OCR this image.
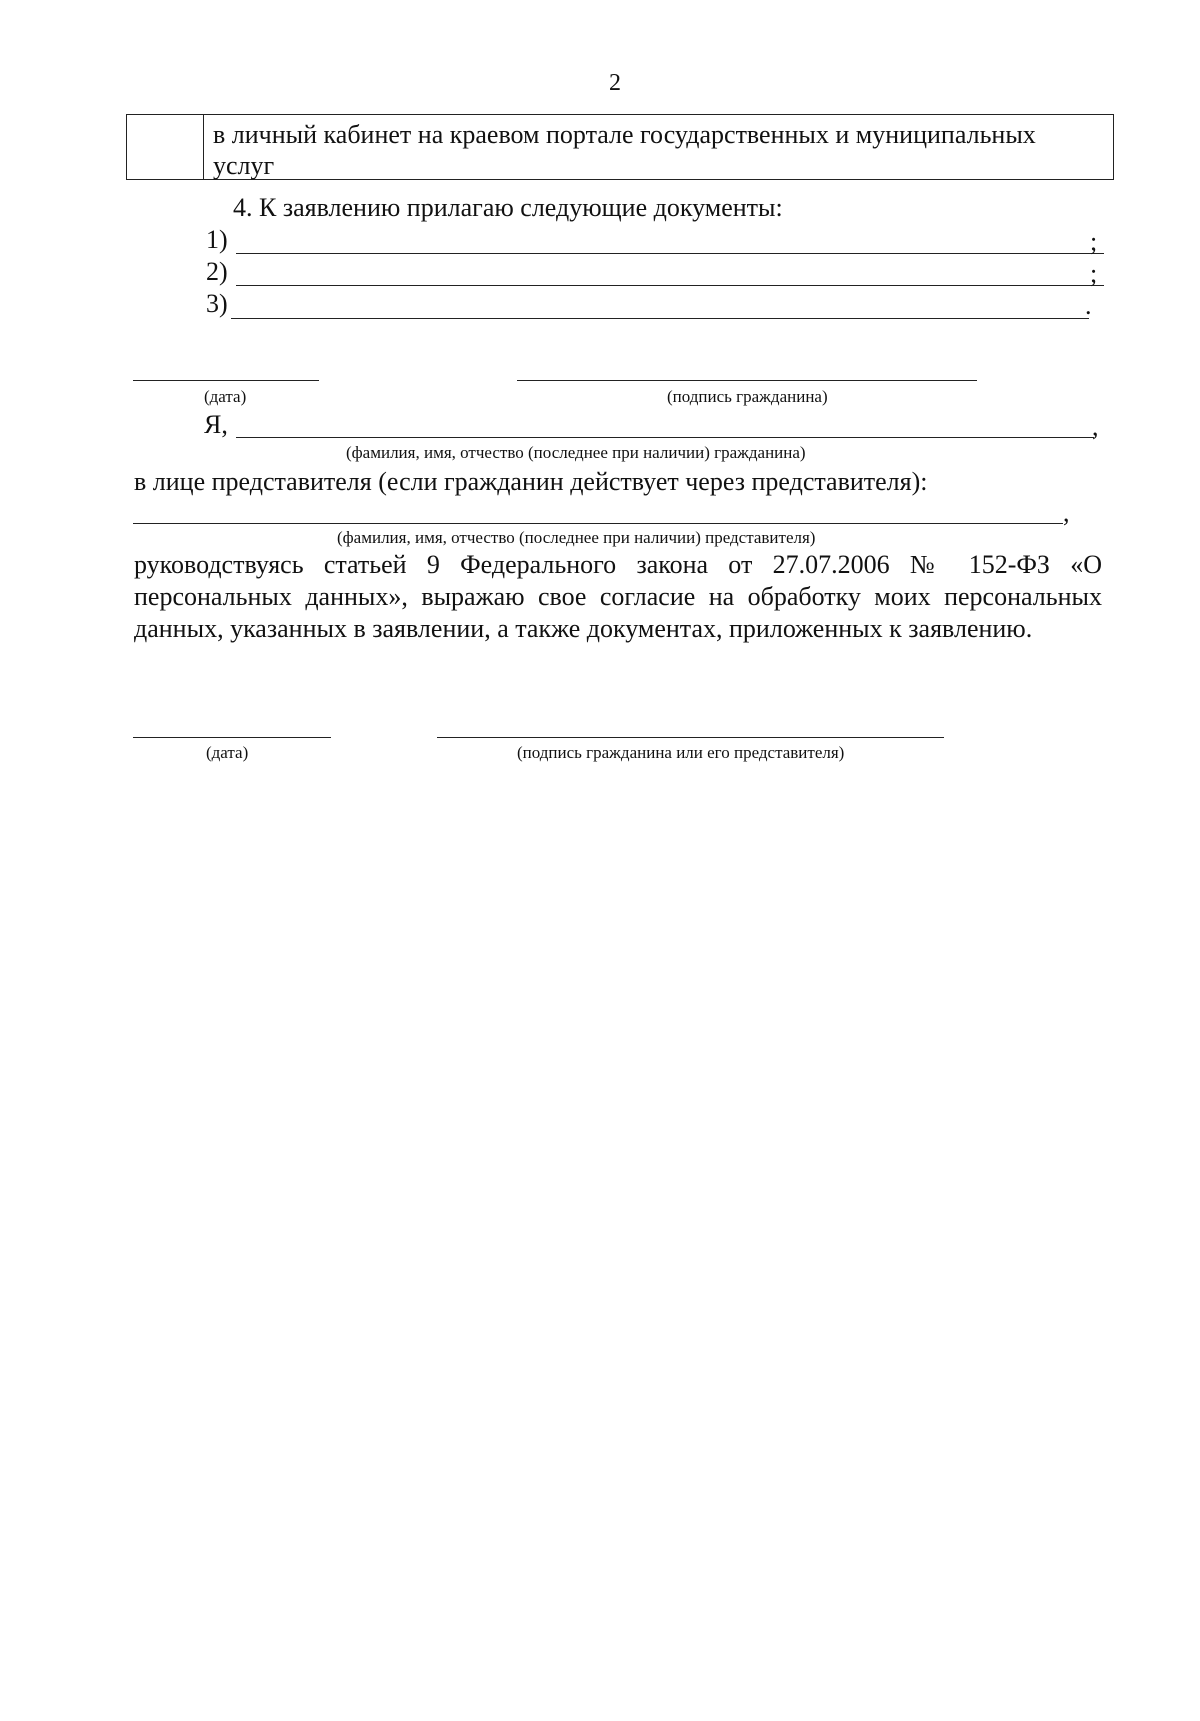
2
в личный кабинет на краевом портале государственных и муниципальных услуг
4. К заявлению прилагаю следующие документы:
1)	;
2)	;
3)	.
(дата)	(подпись гражданина)
Я,	,
(фамилия, имя, отчество (последнее при наличии) гражданина)
в лице представителя (если гражданин действует через представителя):
,
(фамилия, имя, отчество (последнее при наличии) представителя)
руководствуясь статьей 9 Федерального закона от 27.07.2006 № 152-ФЗ «О персональных данных», выражаю свое согласие на обработку моих персональных данных, указанных в заявлении, а также документах, приложенных к заявлению.
(дата)	(подпись гражданина или его представителя)
